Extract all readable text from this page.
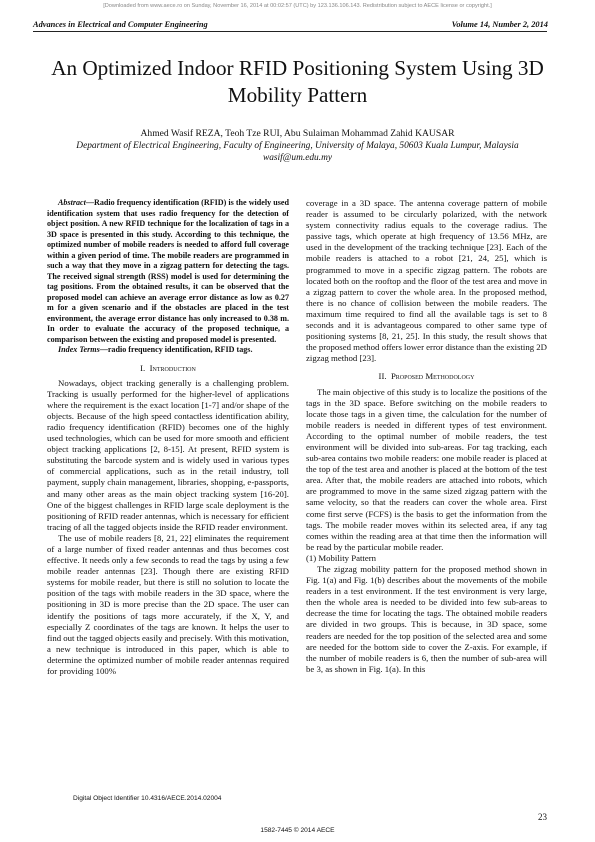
[Downloaded from www.aece.ro on Sunday, November 16, 2014 at 00:02:57 (UTC) by 123.136.106.143. Redistribution subject to AECE license or copyright.]
Advances in Electrical and Computer Engineering	Volume 14, Number 2, 2014
An Optimized Indoor RFID Positioning System Using 3D Mobility Pattern
Ahmed Wasif REZA, Teoh Tze RUI, Abu Sulaiman Mohammad Zahid KAUSAR
Department of Electrical Engineering, Faculty of Engineering, University of Malaya, 50603 Kuala Lumpur, Malaysia
wasif@um.edu.my

Abstract—Radio frequency identification (RFID) is the widely used identification system that uses radio frequency for the detection of object position. A new RFID technique for the localization of tags in a 3D space is presented in this study. According to this technique, the optimized number of mobile readers is needed to afford full coverage within a given period of time. The mobile readers are programmed in such a way that they move in a zigzag pattern for detecting the tags. The received signal strength (RSS) model is used for determining the tag positions. From the obtained results, it can be observed that the proposed model can achieve an average error distance as low as 0.27 m for a given scenario and if the obstacles are placed in the test environment, the average error distance has only increased to 0.38 m. In order to evaluate the accuracy of the proposed technique, a comparison between the existing and proposed model is presented.

Index Terms—radio frequency identification, RFID tags.

I. Introduction

Nowadays, object tracking generally is a challenging problem. Tracking is usually performed for the higher-level of applications where the requirement is the exact location [1-7] and/or shape of the objects. Because of the high speed contactless identification ability, radio frequency identification (RFID) becomes one of the highly used technologies, which can be used for more smooth and efficient object tracking applications [2, 8-15]. At present, RFID system is substituting the barcode system and is widely used in various types of commercial applications, such as in the retail industry, toll payment, supply chain management, libraries, shopping, e-passports, and many other areas as the main object tracking system [16-20]. One of the biggest challenges in RFID large scale deployment is the positioning of RFID reader antennas, which is necessary for efficient tracing of all the tagged objects inside the RFID reader environment.

The use of mobile readers [8, 21, 22] eliminates the requirement of a large number of fixed reader antennas and thus becomes cost effective. It needs only a few seconds to read the tags by using a few mobile reader antennas [23]. Though there are existing RFID systems for mobile reader, but there is still no solution to locate the position of the tags with mobile readers in the 3D space, where the positioning in 3D is more precise than the 2D space. The user can identify the positions of tags more accurately, if the X, Y, and especially Z coordinates of the tags are known. It helps the user to find out the tagged objects easily and precisely. With this motivation, a new technique is introduced in this paper, which is able to determine the optimized number of mobile reader antennas required for providing 100%

coverage in a 3D space. The antenna coverage pattern of mobile reader is assumed to be circularly polarized, with the network system connectivity radius equals to the coverage radius. The passive tags, which operate at high frequency of 13.56 MHz, are used in the development of the tracking technique [23]. Each of the mobile readers is attached to a robot [21, 24, 25], which is programmed to move in a specific zigzag pattern. The robots are located both on the rooftop and the floor of the test area and move in a zigzag pattern to cover the whole area. In the proposed method, there is no chance of collision between the mobile readers. The maximum time required to find all the available tags is set to 8 seconds and it is advantageous compared to other same type of positioning systems [8, 21, 25]. In this study, the result shows that the proposed method offers lower error distance than the existing 2D zigzag method [23].

II. Proposed Methodology

The main objective of this study is to localize the positions of the tags in the 3D space. Before switching on the mobile readers to locate those tags in a given time, the calculation for the number of mobile readers is needed in different types of test environment. According to the optimal number of mobile readers, the test environment will be divided into sub-areas. For tag tracking, each sub-area contains two mobile readers: one mobile reader is placed at the top of the test area and another is placed at the bottom of the test area. After that, the mobile readers are attached into robots, which are programmed to move in the same sized zigzag pattern with the same velocity, so that the readers can cover the whole area. First come first serve (FCFS) is the basis to get the information from the tags. The mobile reader moves within its selected area, if any tag comes within the reading area at that time then the information will be read by the particular mobile reader.

(1) Mobility Pattern

The zigzag mobility pattern for the proposed method shown in Fig. 1(a) and Fig. 1(b) describes about the movements of the mobile readers in a test environment. If the test environment is very large, then the whole area is needed to be divided into few sub-areas to decrease the time for locating the tags. The obtained mobile readers are divided in two groups. This is because, in 3D space, some readers are needed for the top position of the selected area and some are needed for the bottom side to cover the Z-axis. For example, if the number of mobile readers is 6, then the number of sub-area will be 3, as shown in Fig. 1(a). In this

Digital Object Identifier 10.4316/AECE.2014.02004
23
1582-7445 © 2014 AECE
